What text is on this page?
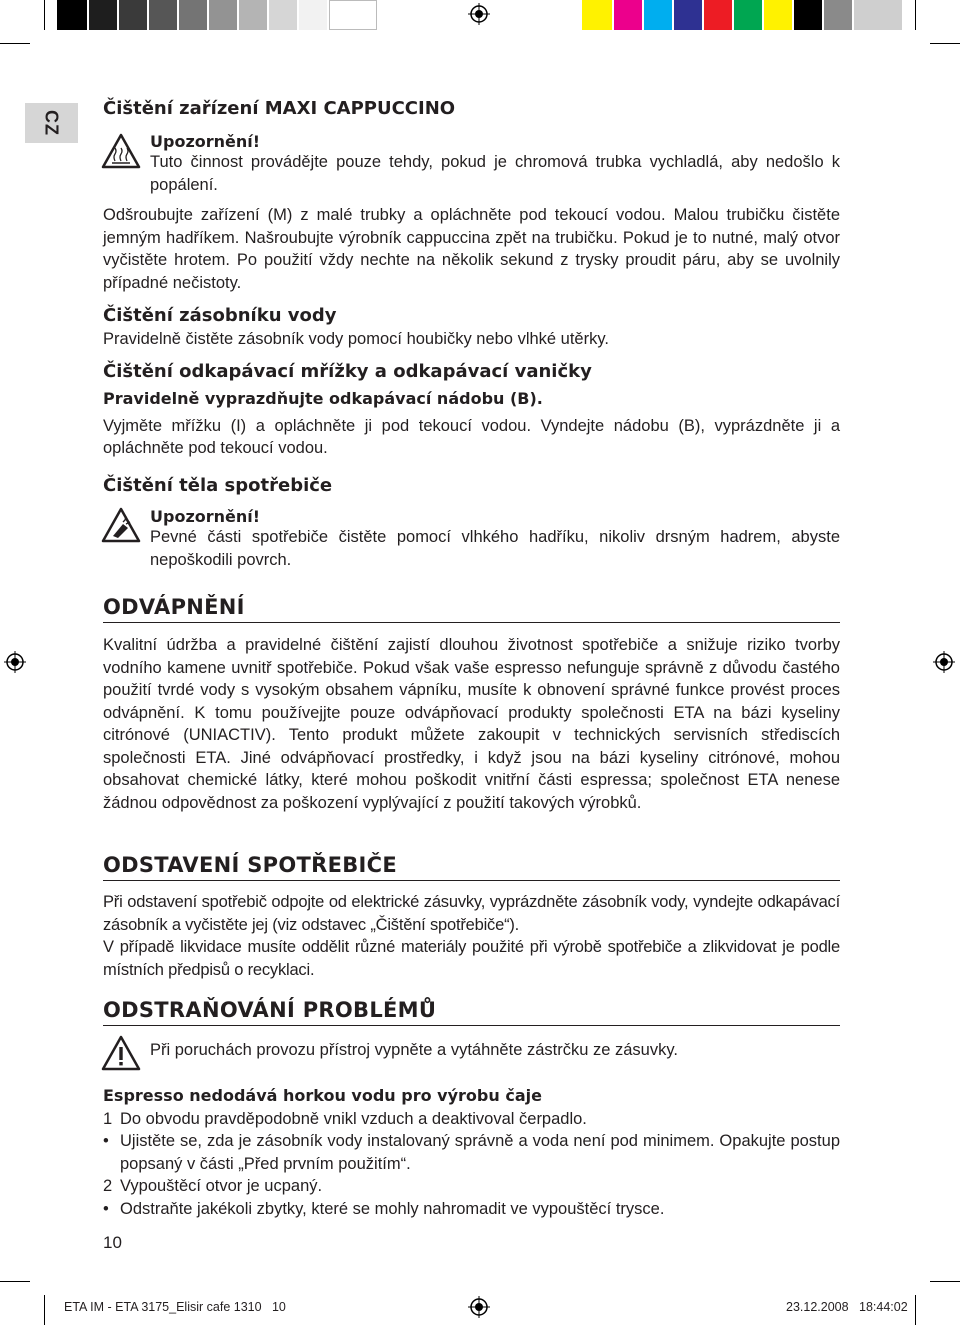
CZ
Čištění zařízení MAXI CAPPUCCINO
Upozornění!

Tuto činnost provádějte pouze tehdy, pokud je chromová trubka vychladlá, aby nedošlo k popálení.

Odšroubujte zařízení (M) z malé trubky a opláchněte pod tekoucí vodou. Malou trubičku čistěte jemným hadříkem. Našroubujte výrobník cappuccina zpět na trubičku. Pokud je to nutné, malý otvor vyčistěte hrotem. Po použití vždy nechte na několik sekund z trysky proudit páru, aby se uvolnily případné nečistoty.

Čištění zásobníku vody

Pravidelně čistěte zásobník vody pomocí houbičky nebo vlhké utěrky.

Čištění odkapávací mřížky a odkapávací vaničky

Pravidelně vyprazdňujte odkapávací nádobu (B).

Vyjměte mřížku (I) a opláchněte ji pod tekoucí vodou. Vyndejte nádobu (B), vyprázdněte ji a opláchněte pod tekoucí vodou.

Čištění těla spotřebiče
Upozornění!

Pevné části spotřebiče čistěte pomocí vlhkého hadříku, nikoliv drsným hadrem, abyste nepoškodili povrch.

ODVÁPNĚNÍ

Kvalitní údržba a pravidelné čištění zajistí dlouhou životnost spotřebiče a snižuje riziko tvorby vodního kamene uvnitř spotřebiče. Pokud však vaše espresso nefunguje správně z důvodu častého použití tvrdé vody s vysokým obsahem vápníku, musíte k obnovení správné funkce provést proces odvápnění. K tomu používejjte pouze odvápňovací produkty společnosti ETA na bázi kyseliny citrónové (UNIACTIV). Tento produkt můžete zakoupit v technických servisních střediscích společnosti ETA. Jiné odvápňovací prostředky, i když jsou na bázi kyseliny citrónové, mohou obsahovat chemické látky, které mohou poškodit vnitřní části espressa; společnost ETA nenese žádnou odpovědnost za poškození vyplývající z použití takových výrobků.

ODSTAVENÍ SPOTŘEBIČE

Při odstavení spotřebič odpojte od elektrické zásuvky, vyprázdněte zásobník vody, vyndejte odkapávací zásobník a vyčistěte jej (viz odstavec „Čištění spotřebiče“).

V případě likvidace musíte oddělit různé materiály použité při výrobě spotřebiče a zlikvidovat je podle místních předpisů o recyklaci.

ODSTRAŇOVÁNÍ PROBLÉMŮ

Při poruchách provozu přístroj vypněte a vytáhněte zástrčku ze zásuvky.

Espresso nedodává horkou vodu pro výrobu čaje

1 Do obvodu pravděpodobně vnikl vzduch a deaktivoval čerpadlo.
• Ujistěte se, zda je zásobník vody instalovaný správně a voda není pod minimem. Opakujte postup popsaný v části „Před prvním použitím“.
2 Vypouštěcí otvor je ucpaný.
• Odstraňte jakékoli zbytky, které se mohly nahromadit ve vypouštěcí trysce.
10
ETA IM - ETA 3175_Elisir cafe 1310   10	23.12.2008 18:44:02
